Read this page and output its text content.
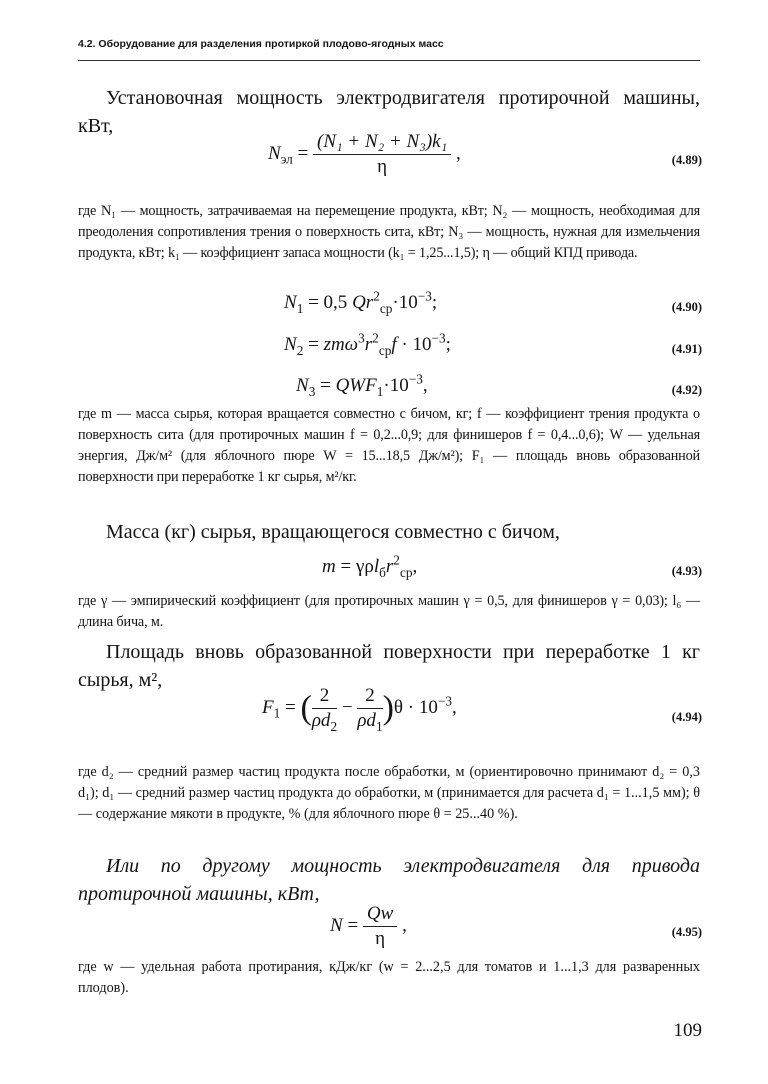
4.2. Оборудование для разделения протиркой плодово-ягодных масс
Установочная мощность электродвигателя протирочной машины, кВт,
$N_{эл} = \frac{\text{(N₁ + N₂ + N₃)k₁}}{\eta}$ ,	(4.89)
где N₁ — мощность, затрачиваемая на перемещение продукта, кВт; N₂ — мощность, необходимая для преодоления сопротивления трения о поверхность сита, кВт; N₃ — мощность, нужная для измельчения продукта, кВт; k₁ — коэффициент запаса мощности (k₁ = 1,25...1,5); η — общий КПД привода.
$N_1 = 0,5$ $Qr^2_{ср}\cdot 10^{-3}$;	(4.90)
$N_2 = zm\omega^3r^2_{ср}f \cdot 10^{-3}$;	(4.91)
$N_3 = QWF_1\cdot 10^{-3}$,	(4.92)
где m — масса сырья, которая вращается совместно с бичом, кг; f — коэффициент трения продукта о поверхность сита (для протирочных машин f = 0,2...0,9; для финишеров f = 0,4...0,6); W — удельная энергия, Дж/м² (для яблочного пюре W = 15...18,5 Дж/м²); F₁ — площадь вновь образованной поверхности при переработке 1 кг сырья, м²/кг.
Масса (кг) сырья, вращающегося совместно с бичом,
$m = \gamma\rho l_бr^2_{ср}$,	(4.93)
где γ — эмпирический коэффициент (для протирочных машин γ = 0,5, для финишеров γ = 0,03); l₆ — длина бича, м.
Площадь вновь образованной поверхности при переработке 1 кг сырья, м²,
$F_1$ = ( $\frac{2}{\rho d_2} - \frac{2}{\rho d_1} )\theta \cdot 10^{-3}$,	(4.94)
где d₂ — средний размер частиц продукта после обработки, м (ориентировочно принимают d₂ = 0,3 d₁); d₁ — средний размер частиц продукта до обработки, м (принимается для расчета d₁ = 1...1,5 мм); θ — содержание мякоти в продукте, % (для яблочного пюре θ = 25...40 %).
Или по другому мощность электродвигателя для привода протирочной машины, кВт,
$N = \frac{Qw}{\eta}$ ,	(4.95)
где w — удельная работа протирания, кДж/кг (w = 2...2,5 для томатов и 1...1,3 для разваренных плодов).
109
